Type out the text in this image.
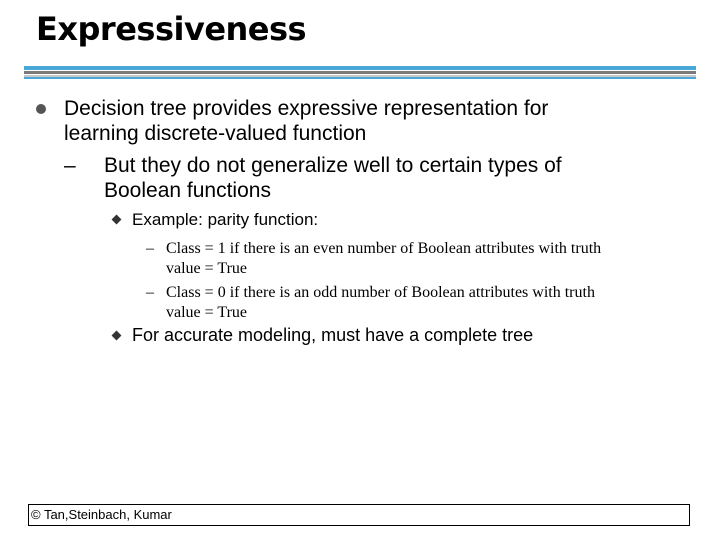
Expressiveness
Decision tree provides expressive representation for
learning discrete-valued function
– But they do not generalize well to certain types of
Boolean functions
Example: parity function:
– Class = 1 if there is an even number of Boolean attributes with truth
value = True
– Class = 0 if there is an odd number of Boolean attributes with truth
value = True
For accurate modeling, must have a complete tree
© Tan,Steinbach, Kumar
